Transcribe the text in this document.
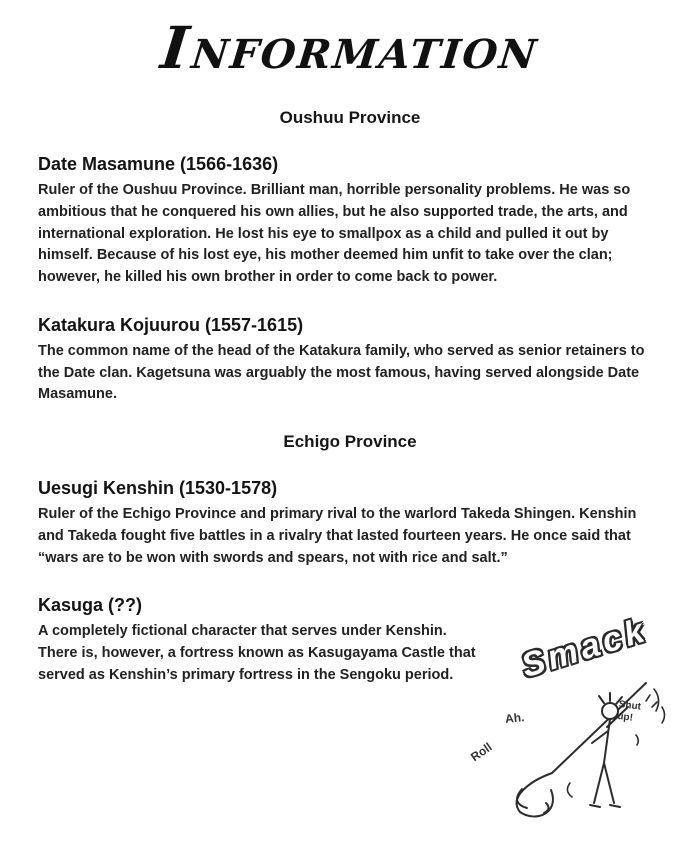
INFORMATION
Oushuu Province
Date Masamune (1566-1636)

Ruler of the Oushuu Province. Brilliant man, horrible personality problems. He was so ambitious that he conquered his own allies, but he also supported trade, the arts, and international exploration. He lost his eye to smallpox as a child and pulled it out by himself. Because of his lost eye, his mother deemed him unfit to take over the clan; however, he killed his own brother in order to come back to power.

Katakura Kojuurou (1557-1615)

The common name of the head of the Katakura family, who served as senior retainers to the Date clan. Kagetsuna was arguably the most famous, having served alongside Date Masamune.

Echigo Province
Uesugi Kenshin (1530-1578)

Ruler of the Echigo Province and primary rival to the warlord Takeda Shingen. Kenshin and Takeda fought five battles in a rivalry that lasted fourteen years. He once said that “wars are to be won with swords and spears, not with rice and salt.”

Kasuga (??)

A completely fictional character that serves under Kenshin. There is, however, a fortress known as Kasugayama Castle that served as Kenshin’s primary fortress in the Sengoku period.	Smack
Ah.
Shut up!
Roll
